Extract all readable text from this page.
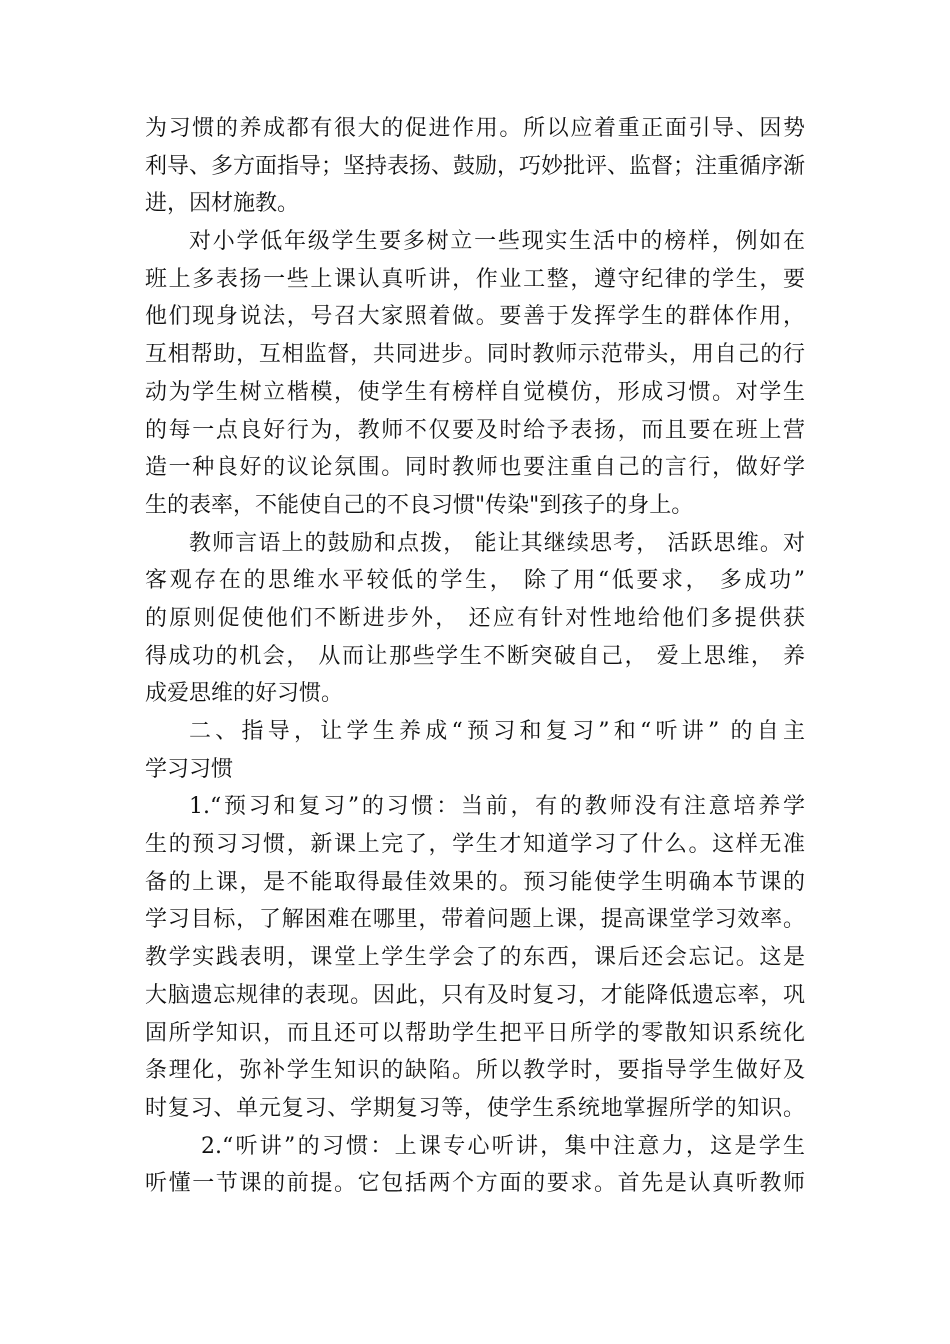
为习惯的养成都有很大的促进作用。所以应着重正面引导、因势
利导、多方面指导；坚持表扬、鼓励，巧妙批评、监督；注重循序渐
进，因材施教。
对小学低年级学生要多树立一些现实生活中的榜样，例如在
班上多表扬一些上课认真听讲，作业工整，遵守纪律的学生，要
他们现身说法，号召大家照着做。要善于发挥学生的群体作用，
互相帮助，互相监督，共同进步。同时教师示范带头，用自己的行
动为学生树立楷模，使学生有榜样自觉模仿，形成习惯。对学生
的每一点良好行为，教师不仅要及时给予表扬，而且要在班上营
造一种良好的议论氛围。同时教师也要注重自己的言行，做好学
生的表率，不能使自己的不良习惯"传染"到孩子的身上。
教师言语上的鼓励和点拨， 能让其继续思考， 活跃思维。对
客观存在的思维水平较低的学生， 除了用“低要求， 多成功”
的原则促使他们不断进步外， 还应有针对性地给他们多提供获
得成功的机会， 从而让那些学生不断突破自己， 爱上思维， 养
成爱思维的好习惯。
二、指导，让学生养成“预习和复习”和“听讲” 的自主
学习习惯
1.“预习和复习”的习惯：当前，有的教师没有注意培养学
生的预习习惯，新课上完了，学生才知道学习了什么。这样无准
备的上课，是不能取得最佳效果的。预习能使学生明确本节课的
学习目标，了解困难在哪里，带着问题上课，提高课堂学习效率。
教学实践表明，课堂上学生学会了的东西，课后还会忘记。这是
大脑遗忘规律的表现。因此，只有及时复习，才能降低遗忘率，巩
固所学知识，而且还可以帮助学生把平日所学的零散知识系统化
条理化，弥补学生知识的缺陷。所以教学时，要指导学生做好及
时复习、单元复习、学期复习等，使学生系统地掌握所学的知识。
2.“听讲”的习惯：上课专心听讲，集中注意力，这是学生
听懂一节课的前提。它包括两个方面的要求。首先是认真听教师
